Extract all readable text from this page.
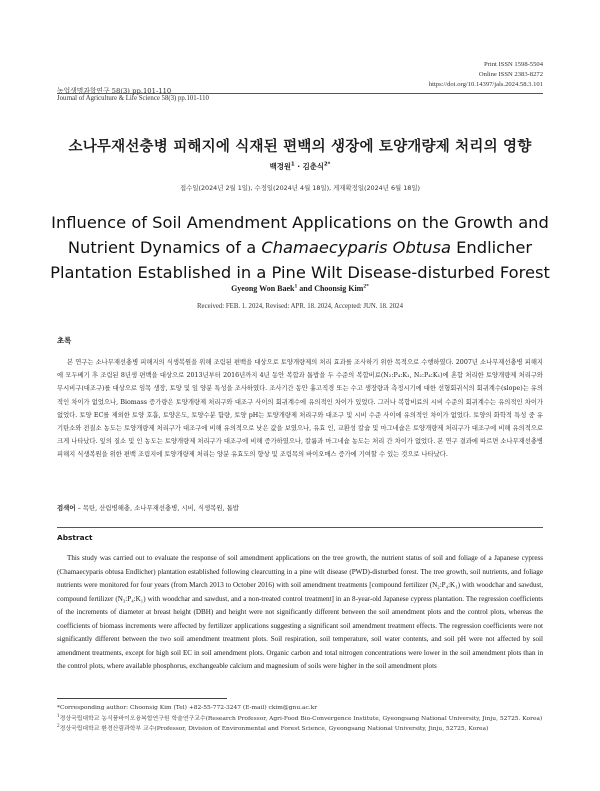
Print ISSN 1598-5504
Online ISSN 2383-8272
https://doi.org/10.14397/jals.2024.58.3.101
농업생명과학연구 58(3) pp.101-110
Journal of Agriculture & Life Science 58(3) pp.101-110
소나무재선충병 피해지에 식재된 편백의 생장에 토양개량제 처리의 영향
백경원$^1$ · 김춘식$^{2*}$
접수일(2024년 2월 1일), 수정일(2024년 4월 18일), 게재확정일(2024년 6월 18일)
Influence of Soil Amendment Applications on the Growth and Nutrient Dynamics of a Chamaecyparis Obtusa Endlicher Plantation Established in a Pine Wilt Disease-disturbed Forest
Gyeong Won Baek$^1$ and Choonsig Kim$^{2*}$
Received: FEB. 1. 2024, Revised: APR. 18. 2024, Accepted: JUN. 18. 2024
초록
본 연구는 소나무재선충병 피해지의 식생복원을 위해 조림된 편백을 대상으로 토양개량제의 처리 효과를 조사하기 위한 목적으로 수행하였다. 2007년 소나무재선충병 피해지에 모두베기 후 조림된 8년생 편백을 대상으로 2013년부터 2016년까지 4년 동안 복합과 톱밥을 두 수준의 복합비료(N₂:P₄:K₁, N₂:P₄:K₁)에 혼합 처리한 토양개량제 처리구와 무시비구(대조구)를 대상으로 임목 생장, 토양 및 잎 양분 특성을 조사하였다. 조사기간 동안 흉고직경 또는 수고 생장량과 측정시기에 대한 선형회귀식의 회귀계수(slope)는 유의적인 차이가 없었으나, Biomass 증가량은 토양개량제 처리구와 대조구 사이의 회귀계수에 유의적인 차이가 있었다. 그러나 복합비료의 시비 수준의 회귀계수는 유의적인 차이가 없었다. 토양 EC를 제외한 토양 호흡, 토양온도, 토양수분 함량, 토양 pH는 토양개량제 처리구와 대조구 및 시비 수준 사이에 유의적인 차이가 없었다. 토양의 화학적 특성 중 유기탄소와 전질소 농도는 토양개량제 처리구가 대조구에 비해 유의적으로 낮은 값을 보였으나, 유효 인, 교환성 칼슘 및 마그네슘은 토양개량제 처리구가 대조구에 비해 유의적으로 크게 나타났다. 잎의 질소 및 인 농도는 토양개량제 처리구가 대조구에 비해 증가하였으나, 칼륨과 마그네슘 농도는 처리 간 차이가 없었다. 본 연구 결과에 따르면 소나무재선충병 피해지 식생복원을 위한 편백 조림지에 토양개량제 처리는 양분 유효도의 향상 및 조림목의 바이오매스 증가에 기여할 수 있는 것으로 나타났다.
검색어 – 목탄, 산림병해충, 소나무재선충병, 시비, 식생복원, 톱밥
Abstract
This study was carried out to evaluate the response of soil amendment applications on the tree growth, the nutrient status of soil and foliage of a Japanese cypress (Chamaecyparis obtusa Endlicher) plantation established following clearcutting in a pine wilt disease (PWD)-disturbed forest. The tree growth, soil nutrients, and foliage nutrients were monitored for four years (from March 2013 to October 2016) with soil amendment treatments [compound fertilizer (N₂:P₄:K₁) with woodchar and sawdust, compound fertilizer (N₃:P₄:K₁) with woodchar and sawdust, and a non-treated control treatment] in an 8-year-old Japanese cypress plantation. The regression coefficients of the increments of diameter at breast height (DBH) and height were not significantly different between the soil amendment plots and the control plots, whereas the coefficients of biomass increments were affected by fertilizer applications suggesting a significant soil amendment treatment effects. The regression coefficients were not significantly different between the two soil amendment treatment plots. Soil respiration, soil temperature, soil water contents, and soil pH were not affected by soil amendment treatments, except for high soil EC in soil amendment plots. Organic carbon and total nitrogen concentrations were lower in the soil amendment plots than in the control plots, where available phosphorus, exchangeable calcium and magnesium of soils were higher in the soil amendment plots
*Corresponding author: Choonsig Kim (Tel) +82-55-772-3247 (E-mail) ckim@gnu.ac.kr
$^1$경상국립대학교 농식품바이오융복합연구원 학술연구교수(Research Professor, Agri-Food Bio-Convergence Institute, Gyeongsang National University, Jinju, 52725. Korea)
$^2$경상국립대학교 환경산림과학부 교수(Professor, Division of Environmental and Forest Science, Gyeongsang National University, Jinju, 52725, Korea)
